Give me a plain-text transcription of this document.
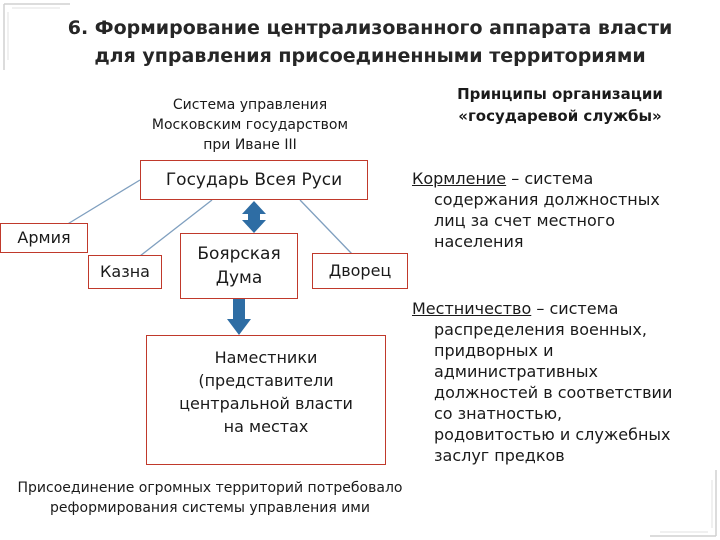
6. Формирование централизованного аппарата власти
для управления присоединенными территориями
Система управления
Московским государством
при Иване III
Принципы организации
«государевой службы»
Государь Всея Руси
Армия
Казна
Боярская
Дума	Дворец
Наместники
(представители
центральной власти
на местах
Присоединение огромных территорий потребовало
реформирования системы управления ими
Кормление – система
содержания должностных
лиц за счет местного
населения
Местничество – система
распределения военных,
придворных и
административных
должностей в соответствии
со знатностью,
родовитостью и служебных
заслуг предков
